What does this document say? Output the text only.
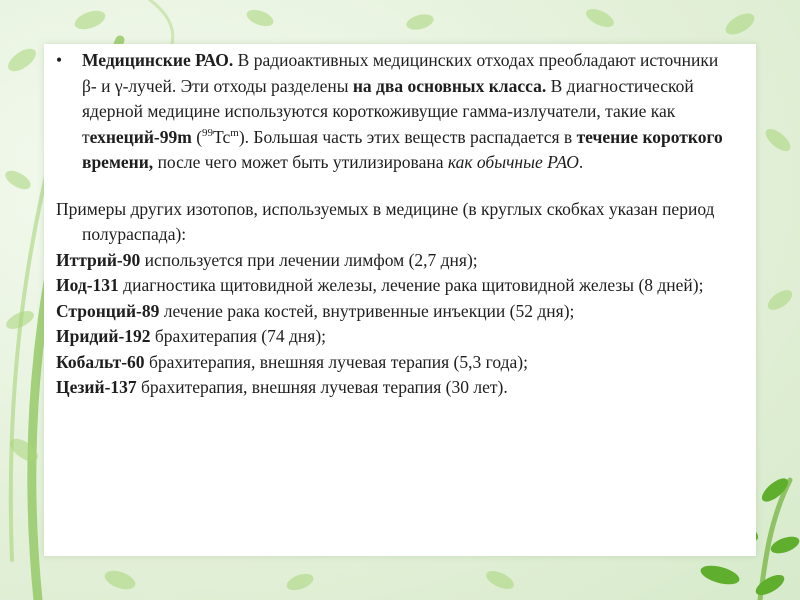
• Медицинские РАО. В радиоактивных медицинских отходах преобладают источники β- и γ-лучей. Эти отходы разделены на два основных класса. В диагностической ядерной медицине используются короткоживущие гамма-излучатели, такие как технеций-99m ($^{99}$Tc$^m$). Большая часть этих веществ распадается в течение короткого времени, после чего может быть утилизирована как обычные РАО.

Примеры других изотопов, используемых в медицине (в круглых скобках указан период полураспада):

Иттрий-90 используется при лечении лимфом (2,7 дня);

Иод-131 диагностика щитовидной железы, лечение рака щитовидной железы (8 дней);

Стронций-89 лечение рака костей, внутривенные инъекции (52 дня);

Иридий-192 брахитерапия (74 дня);

Кобальт-60 брахитерапия, внешняя лучевая терапия (5,3 года);

Цезий-137 брахитерапия, внешняя лучевая терапия (30 лет).
